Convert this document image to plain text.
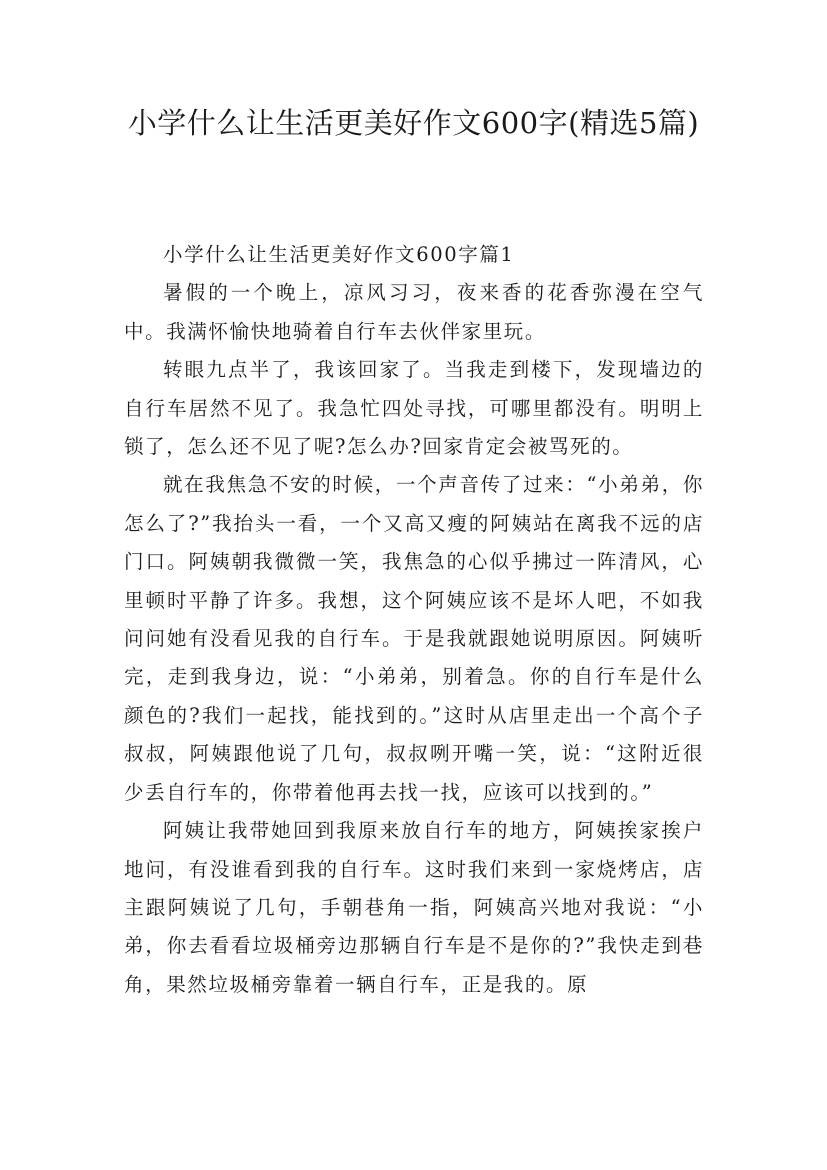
小学什么让生活更美好作文600字(精选5篇)

小学什么让生活更美好作文600字篇1

暑假的一个晚上，凉风习习，夜来香的花香弥漫在空气中。我满怀愉快地骑着自行车去伙伴家里玩。

转眼九点半了，我该回家了。当我走到楼下，发现墙边的自行车居然不见了。我急忙四处寻找，可哪里都没有。明明上锁了，怎么还不见了呢?怎么办?回家肯定会被骂死的。

就在我焦急不安的时候，一个声音传了过来：“小弟弟，你怎么了?”我抬头一看，一个又高又瘦的阿姨站在离我不远的店门口。阿姨朝我微微一笑，我焦急的心似乎拂过一阵清风，心里顿时平静了许多。我想，这个阿姨应该不是坏人吧，不如我问问她有没看见我的自行车。于是我就跟她说明原因。阿姨听完，走到我身边，说：“小弟弟，别着急。你的自行车是什么颜色的?我们一起找，能找到的。”这时从店里走出一个高个子叔叔，阿姨跟他说了几句，叔叔咧开嘴一笑，说：“这附近很少丢自行车的，你带着他再去找一找，应该可以找到的。”

阿姨让我带她回到我原来放自行车的地方，阿姨挨家挨户地问，有没谁看到我的自行车。这时我们来到一家烧烤店，店主跟阿姨说了几句，手朝巷角一指，阿姨高兴地对我说：“小弟，你去看看垃圾桶旁边那辆自行车是不是你的?”我快走到巷角，果然垃圾桶旁靠着一辆自行车，正是我的。原
